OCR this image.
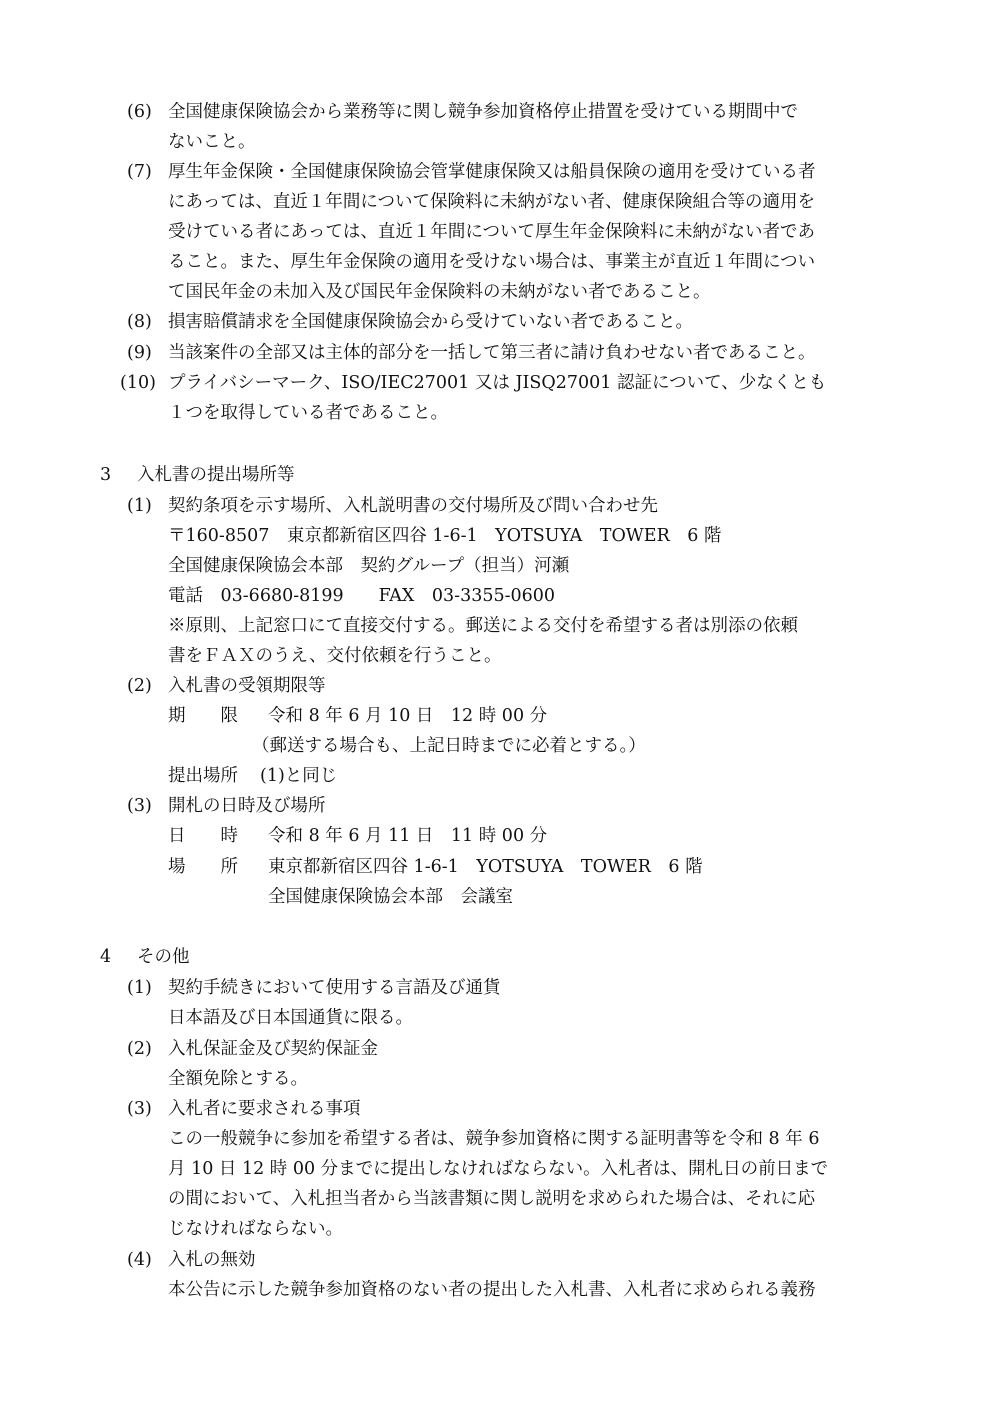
(6) 全国健康保険協会から業務等に関し競争参加資格停止措置を受けている期間中で
ないこと。
(7) 厚生年金保険・全国健康保険協会管掌健康保険又は船員保険の適用を受けている者
にあっては、直近１年間について保険料に未納がない者、健康保険組合等の適用を
受けている者にあっては、直近１年間について厚生年金保険料に未納がない者であ
ること。また、厚生年金保険の適用を受けない場合は、事業主が直近１年間につい
て国民年金の未加入及び国民年金保険料の未納がない者であること。
(8) 損害賠償請求を全国健康保険協会から受けていない者であること。
(9) 当該案件の全部又は主体的部分を一括して第三者に請け負わせない者であること。
(10) プライバシーマーク、ISO/IEC27001 又は JISQ27001 認証について、少なくとも
１つを取得している者であること。
3 入札書の提出場所等
(1) 契約条項を示す場所、入札説明書の交付場所及び問い合わせ先
〒160-8507　東京都新宿区四谷 1-6-1　YOTSUYA　TOWER　6 階
全国健康保険協会本部　契約グループ（担当）河瀬
電話　03-6680-8199　　FAX　03-3355-0600
※原則、上記窓口にて直接交付する。郵送による交付を希望する者は別添の依頼
書をＦＡＸのうえ、交付依頼を行うこと。
(2) 入札書の受領期限等
期　　限 令和 8 年 6 月 10 日　12 時 00 分
（郵送する場合も、上記日時までに必着とする。）
提出場所 (1)と同じ
(3) 開札の日時及び場所
日　　時 令和 8 年 6 月 11 日　11 時 00 分
場　　所 東京都新宿区四谷 1-6-1　YOTSUYA　TOWER　6 階
全国健康保険協会本部　会議室
4 その他
(1) 契約手続きにおいて使用する言語及び通貨
日本語及び日本国通貨に限る。
(2) 入札保証金及び契約保証金
全額免除とする。
(3) 入札者に要求される事項
この一般競争に参加を希望する者は、競争参加資格に関する証明書等を令和 8 年 6
月 10 日 12 時 00 分までに提出しなければならない。入札者は、開札日の前日まで
の間において、入札担当者から当該書類に関し説明を求められた場合は、それに応
じなければならない。
(4) 入札の無効
本公告に示した競争参加資格のない者の提出した入札書、入札者に求められる義務
